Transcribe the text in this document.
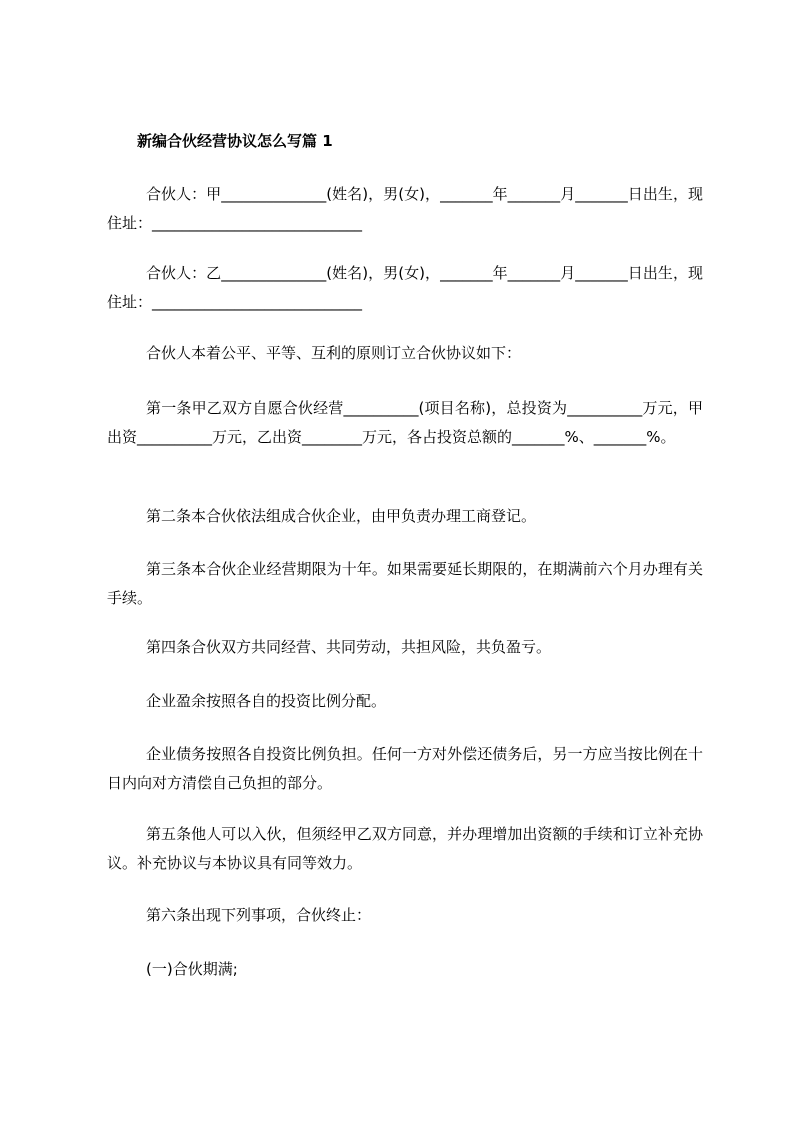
新编合伙经营协议怎么写篇 1

合伙人：甲______________(姓名)，男(女)，_______年_______月_______日出生，现住址：____________________________

合伙人：乙______________(姓名)，男(女)，_______年_______月_______日出生，现住址：____________________________

合伙人本着公平、平等、互利的原则订立合伙协议如下：

第一条甲乙双方自愿合伙经营__________(项目名称)，总投资为__________万元，甲出资__________万元，乙出资________万元，各占投资总额的_______%、_______%。

第二条本合伙依法组成合伙企业，由甲负责办理工商登记。

第三条本合伙企业经营期限为十年。如果需要延长期限的，在期满前六个月办理有关手续。

第四条合伙双方共同经营、共同劳动，共担风险，共负盈亏。

企业盈余按照各自的投资比例分配。

企业债务按照各自投资比例负担。任何一方对外偿还债务后，另一方应当按比例在十日内向对方清偿自己负担的部分。

第五条他人可以入伙，但须经甲乙双方同意，并办理增加出资额的手续和订立补充协议。补充协议与本协议具有同等效力。

第六条出现下列事项，合伙终止：

(一)合伙期满;
